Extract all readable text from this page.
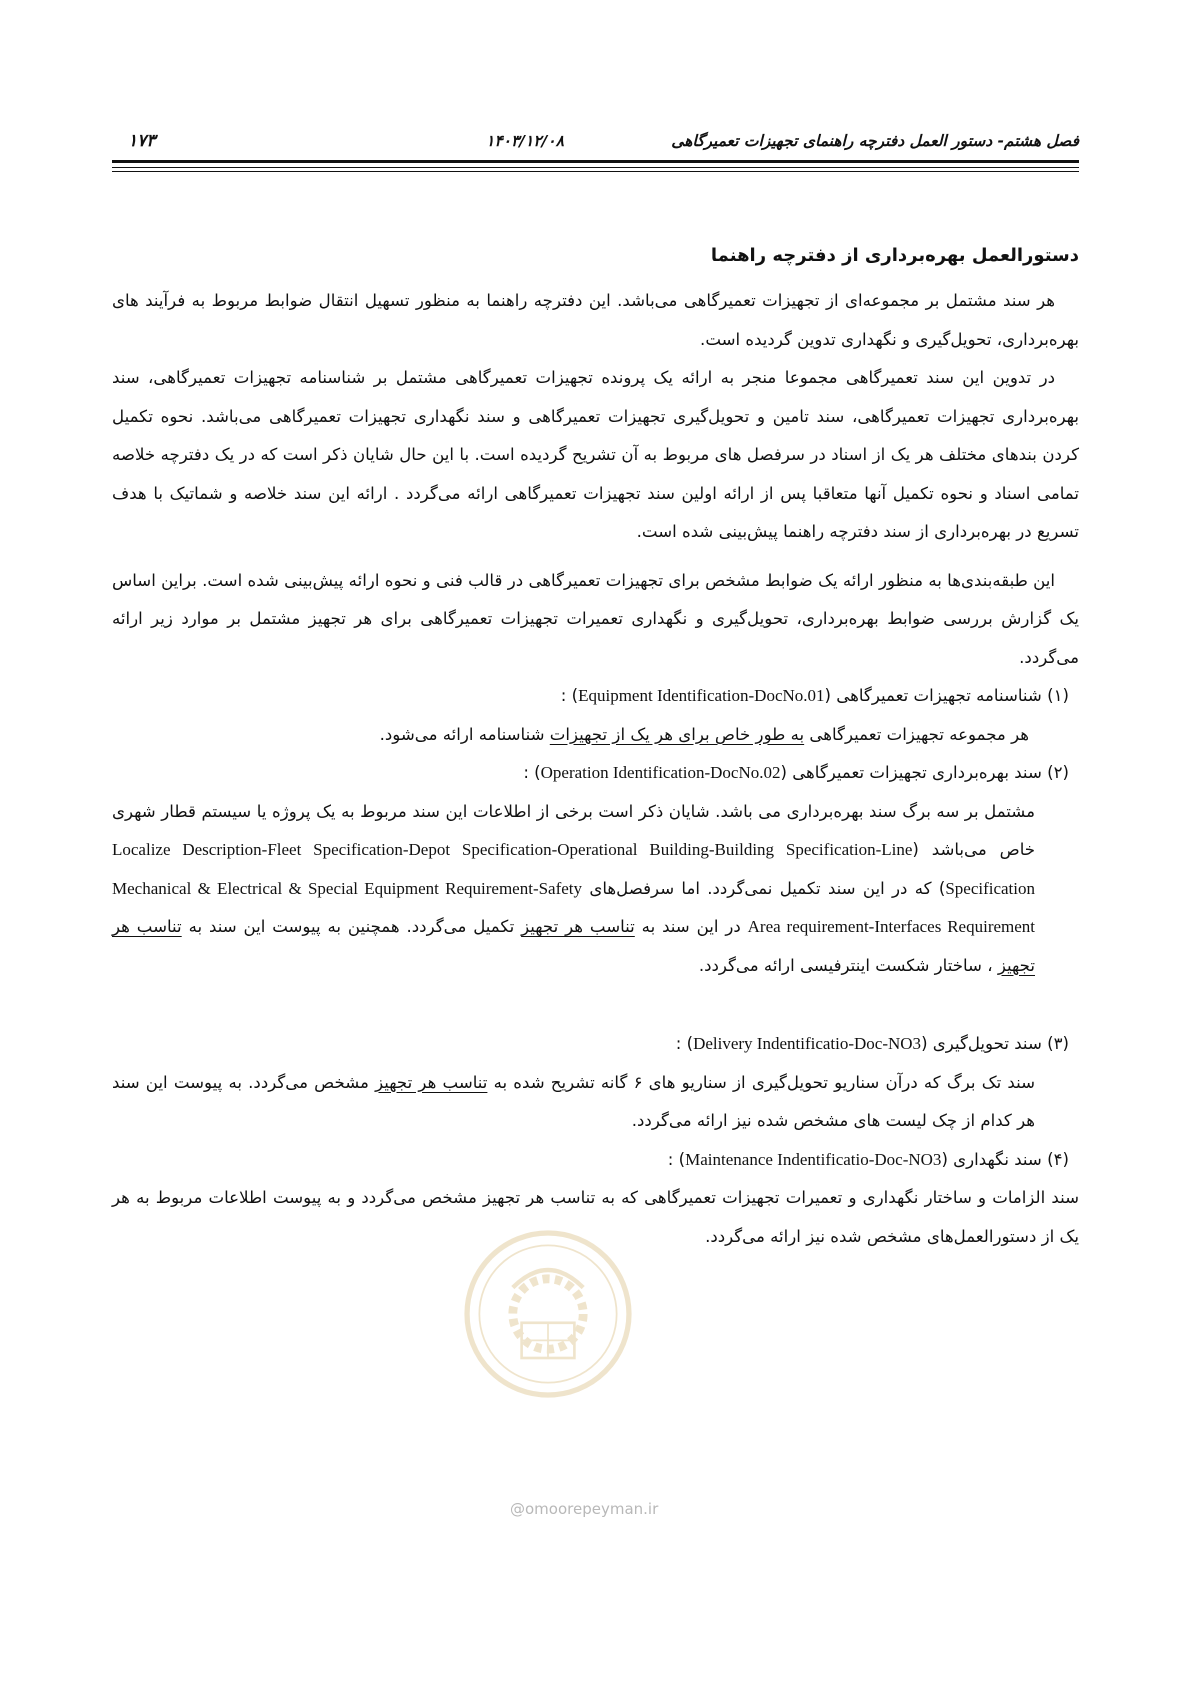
فصل هشتم- دستور العمل دفترچه راهنمای تجهیزات تعمیرگاهی
۱۴۰۳/۱۲/۰۸
۱۷۳

دستورالعمل بهره‌برداری از دفترچه راهنما

هر سند مشتمل بر مجموعه‌ای از تجهیزات تعمیرگاهی می‌باشد. این دفترچه راهنما به منظور تسهیل انتقال ضوابط مربوط به فرآیند های بهره‌برداری، تحویل‌گیری و نگهداری تدوین گردیده است.

در تدوین این سند تعمیرگاهی مجموعا منجر به ارائه یک پرونده تجهیزات تعمیرگاهی مشتمل بر شناسنامه تجهیزات تعمیرگاهی، سند بهره‌برداری تجهیزات تعمیرگاهی، سند تامین و تحویل‌گیری تجهیزات تعمیرگاهی و سند نگهداری تجهیزات تعمیرگاهی می‌باشد. نحوه تکمیل کردن بندهای مختلف هر یک از اسناد در سرفصل های مربوط به آن تشریح گردیده است. با این حال شایان ذکر است که در یک دفترچه خلاصه تمامی اسناد و نحوه تکمیل آنها متعاقبا پس از ارائه اولین سند تجهیزات تعمیرگاهی ارائه می‌گردد . ارائه این سند خلاصه و شماتیک با هدف تسریع در بهره‌برداری از سند دفترچه راهنما پیش‌بینی شده است.

این طبقه‌بندی‌ها به منظور ارائه یک ضوابط مشخص برای تجهیزات تعمیرگاهی در قالب فنی و نحوه ارائه پیش‌بینی شده است. براین اساس یک گزارش بررسی ضوابط بهره‌برداری، تحویل‌گیری و نگهداری تعمیرات تجهیزات تعمیرگاهی برای هر تجهیز مشتمل بر موارد زیر ارائه می‌گردد.

(۱) شناسنامه تجهیزات تعمیرگاهی (Equipment Identification-DocNo.01) :

هر مجموعه تجهیزات تعمیرگاهی به طور خاص برای هر یک از تجهیزات شناسنامه ارائه می‌شود.

(۲) سند بهره‌برداری تجهیزات تعمیرگاهی (Operation Identification-DocNo.02) :

مشتمل بر سه برگ سند بهره‌برداری می باشد. شایان ذکر است برخی از اطلاعات این سند مربوط به یک پروژه یا سیستم قطار شهری خاص می‌باشد (Localize Description-Fleet Specification-Depot Specification-Operational Building-Building Specification-Line Specification) که در این سند تکمیل نمی‌گردد. اما سرفصل‌های Mechanical & Electrical & Special Equipment Requirement-Safety Area requirement-Interfaces Requirement در این سند به تناسب هر تجهیز تکمیل می‌گردد. همچنین به پیوست این سند به تناسب هر تجهیز ، ساختار شکست اینترفیسی ارائه می‌گردد.

(۳) سند تحویل‌گیری (Delivery Indentificatio-Doc-NO3) :

سند تک برگ که درآن سناریو تحویل‌گیری از سناریو های ۶ گانه تشریح شده به تناسب هر تجهیز مشخص می‌گردد. به پیوست این سند هر کدام از چک لیست های مشخص شده نیز ارائه می‌گردد.

(۴) سند نگهداری (Maintenance Indentificatio-Doc-NO3) :

سند الزامات و ساختار نگهداری و تعمیرات تجهیزات تعمیرگاهی که به تناسب هر تجهیز مشخص می‌گردد و به پیوست اطلاعات مربوط به هر یک از دستورالعمل‌های مشخص شده نیز ارائه می‌گردد.

@omoorepeyman.ir
